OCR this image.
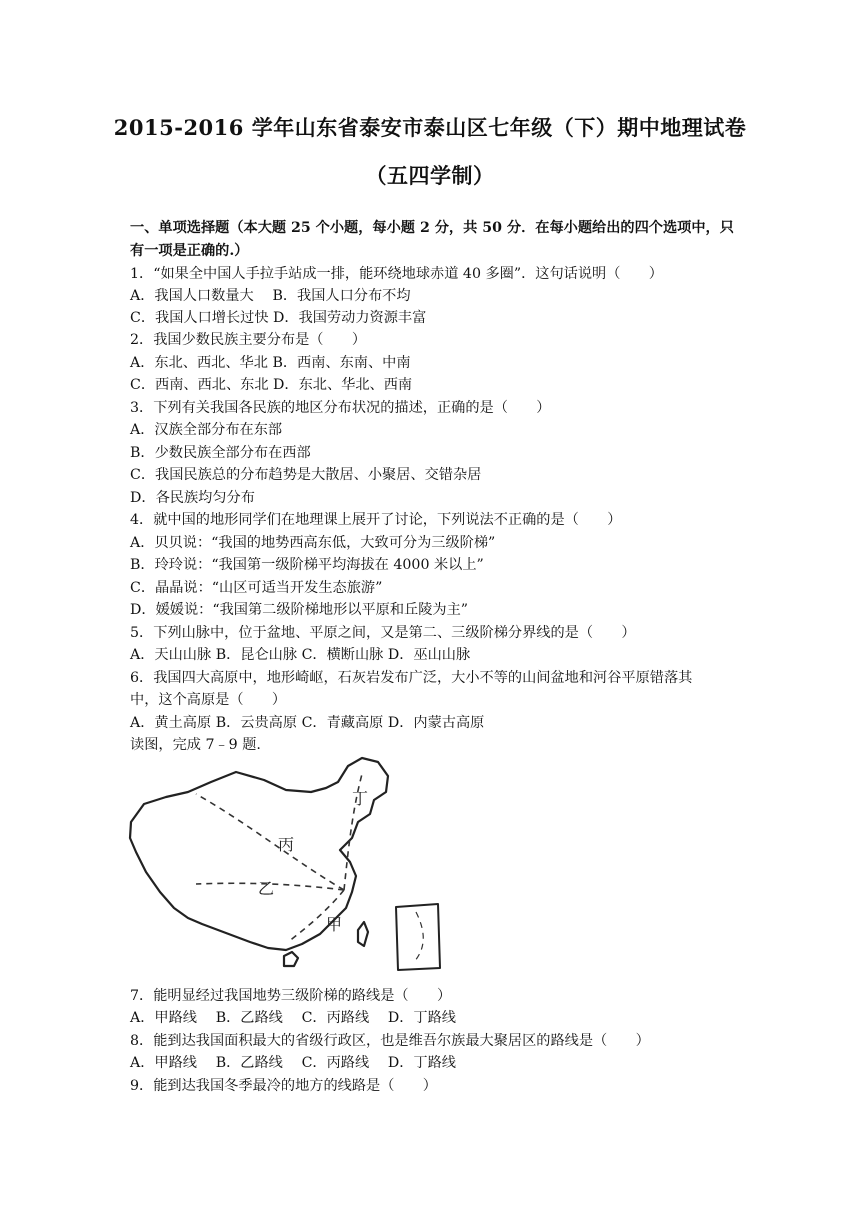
2015-2016 学年山东省泰安市泰山区七年级（下）期中地理试卷
（五四学制）
一、单项选择题（本大题 25 个小题，每小题 2 分，共 50 分．在每小题给出的四个选项中，只有一项是正确的.）
1．“如果全中国人手拉手站成一排，能环绕地球赤道 40 多圈”．这句话说明（　　）
A．我国人口数量大　 B．我国人口分布不均
C．我国人口增长过快 D．我国劳动力资源丰富
2．我国少数民族主要分布是（　　）
A．东北、西北、华北 B．西南、东南、中南
C．西南、西北、东北 D．东北、华北、西南
3．下列有关我国各民族的地区分布状况的描述，正确的是（　　）
A．汉族全部分布在东部
B．少数民族全部分布在西部
C．我国民族总的分布趋势是大散居、小聚居、交错杂居
D．各民族均匀分布
4．就中国的地形同学们在地理课上展开了讨论，下列说法不正确的是（　　）
A．贝贝说：“我国的地势西高东低，大致可分为三级阶梯”
B．玲玲说：“我国第一级阶梯平均海拔在 4000 米以上”
C．晶晶说：“山区可适当开发生态旅游”
D．媛媛说：“我国第二级阶梯地形以平原和丘陵为主”
5．下列山脉中，位于盆地、平原之间，又是第二、三级阶梯分界线的是（　　）
A．天山山脉 B．昆仑山脉 C．横断山脉 D．巫山山脉
6．我国四大高原中，地形崎岖，石灰岩发布广泛，大小不等的山间盆地和河谷平原错落其
中，这个高原是（　　）
A．黄土高原 B．云贵高原 C．青藏高原 D．内蒙古高原
读图，完成 7﹣9 题.
丁
丙
乙
甲
7．能明显经过我国地势三级阶梯的路线是（　　）
A．甲路线　 B．乙路线　 C．丙路线　 D．丁路线
8．能到达我国面积最大的省级行政区，也是维吾尔族最大聚居区的路线是（　　）
A．甲路线　 B．乙路线　 C．丙路线　 D．丁路线
9．能到达我国冬季最冷的地方的线路是（　　）
